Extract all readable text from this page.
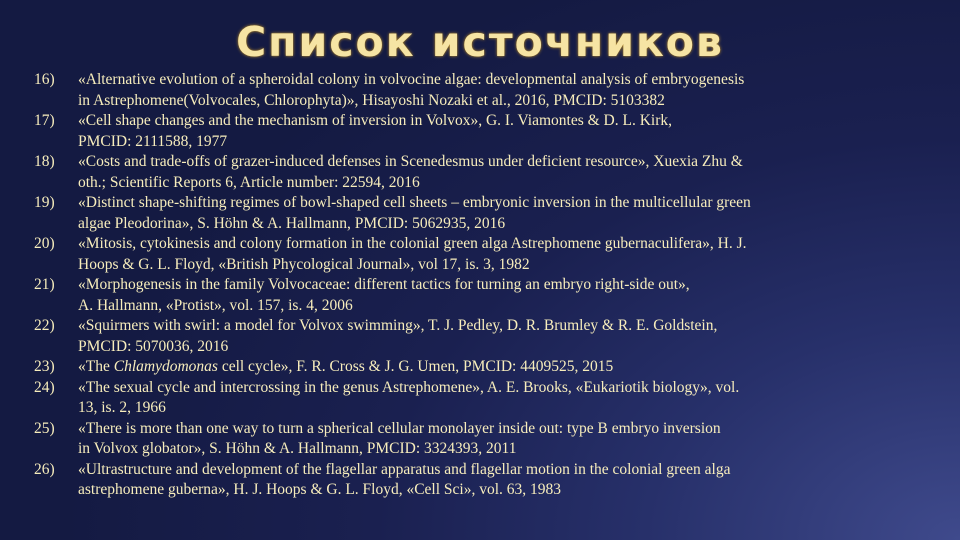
Список источников
16) «Alternative evolution of a spheroidal colony in volvocine algae: developmental analysis of embryogenesis
in Astrephomene(Volvocales, Chlorophyta)», Hisayoshi Nozaki et al., 2016, PMCID: 5103382
17) «Cell shape changes and the mechanism of inversion in Volvox», G. I. Viamontes & D. L. Kirk,
PMCID: 2111588, 1977
18) «Costs and trade-offs of grazer-induced defenses in Scenedesmus under deficient resource», Xuexia Zhu &
oth.; Scientific Reports 6, Article number: 22594, 2016
19) «Distinct shape-shifting regimes of bowl-shaped cell sheets – embryonic inversion in the multicellular green
algae Pleodorina», S. Höhn & A. Hallmann, PMCID: 5062935, 2016
20) «Mitosis, cytokinesis and colony formation in the colonial green alga Astrephomene gubernaculifera», H. J.
Hoops & G. L. Floyd, «British Phycological Journal», vol 17, is. 3, 1982
21) «Morphogenesis in the family Volvocaceae: different tactics for turning an embryo right-side out»,
A. Hallmann, «Protist», vol. 157, is. 4, 2006
22) «Squirmers with swirl: a model for Volvox swimming», T. J. Pedley, D. R. Brumley & R. E. Goldstein,
PMCID: 5070036, 2016
23) «The Chlamydomonas cell cycle», F. R. Cross & J. G. Umen, PMCID: 4409525, 2015
24) «The sexual cycle and intercrossing in the genus Astrephomene», A. E. Brooks, «Eukariotik biology», vol.
13, is. 2, 1966
25) «There is more than one way to turn a spherical cellular monolayer inside out: type B embryo inversion
in Volvox globator», S. Höhn & A. Hallmann, PMCID: 3324393, 2011
26) «Ultrastructure and development of the flagellar apparatus and flagellar motion in the colonial green alga
astrephomene guberna», H. J. Hoops & G. L. Floyd, «Cell Sci», vol. 63, 1983
